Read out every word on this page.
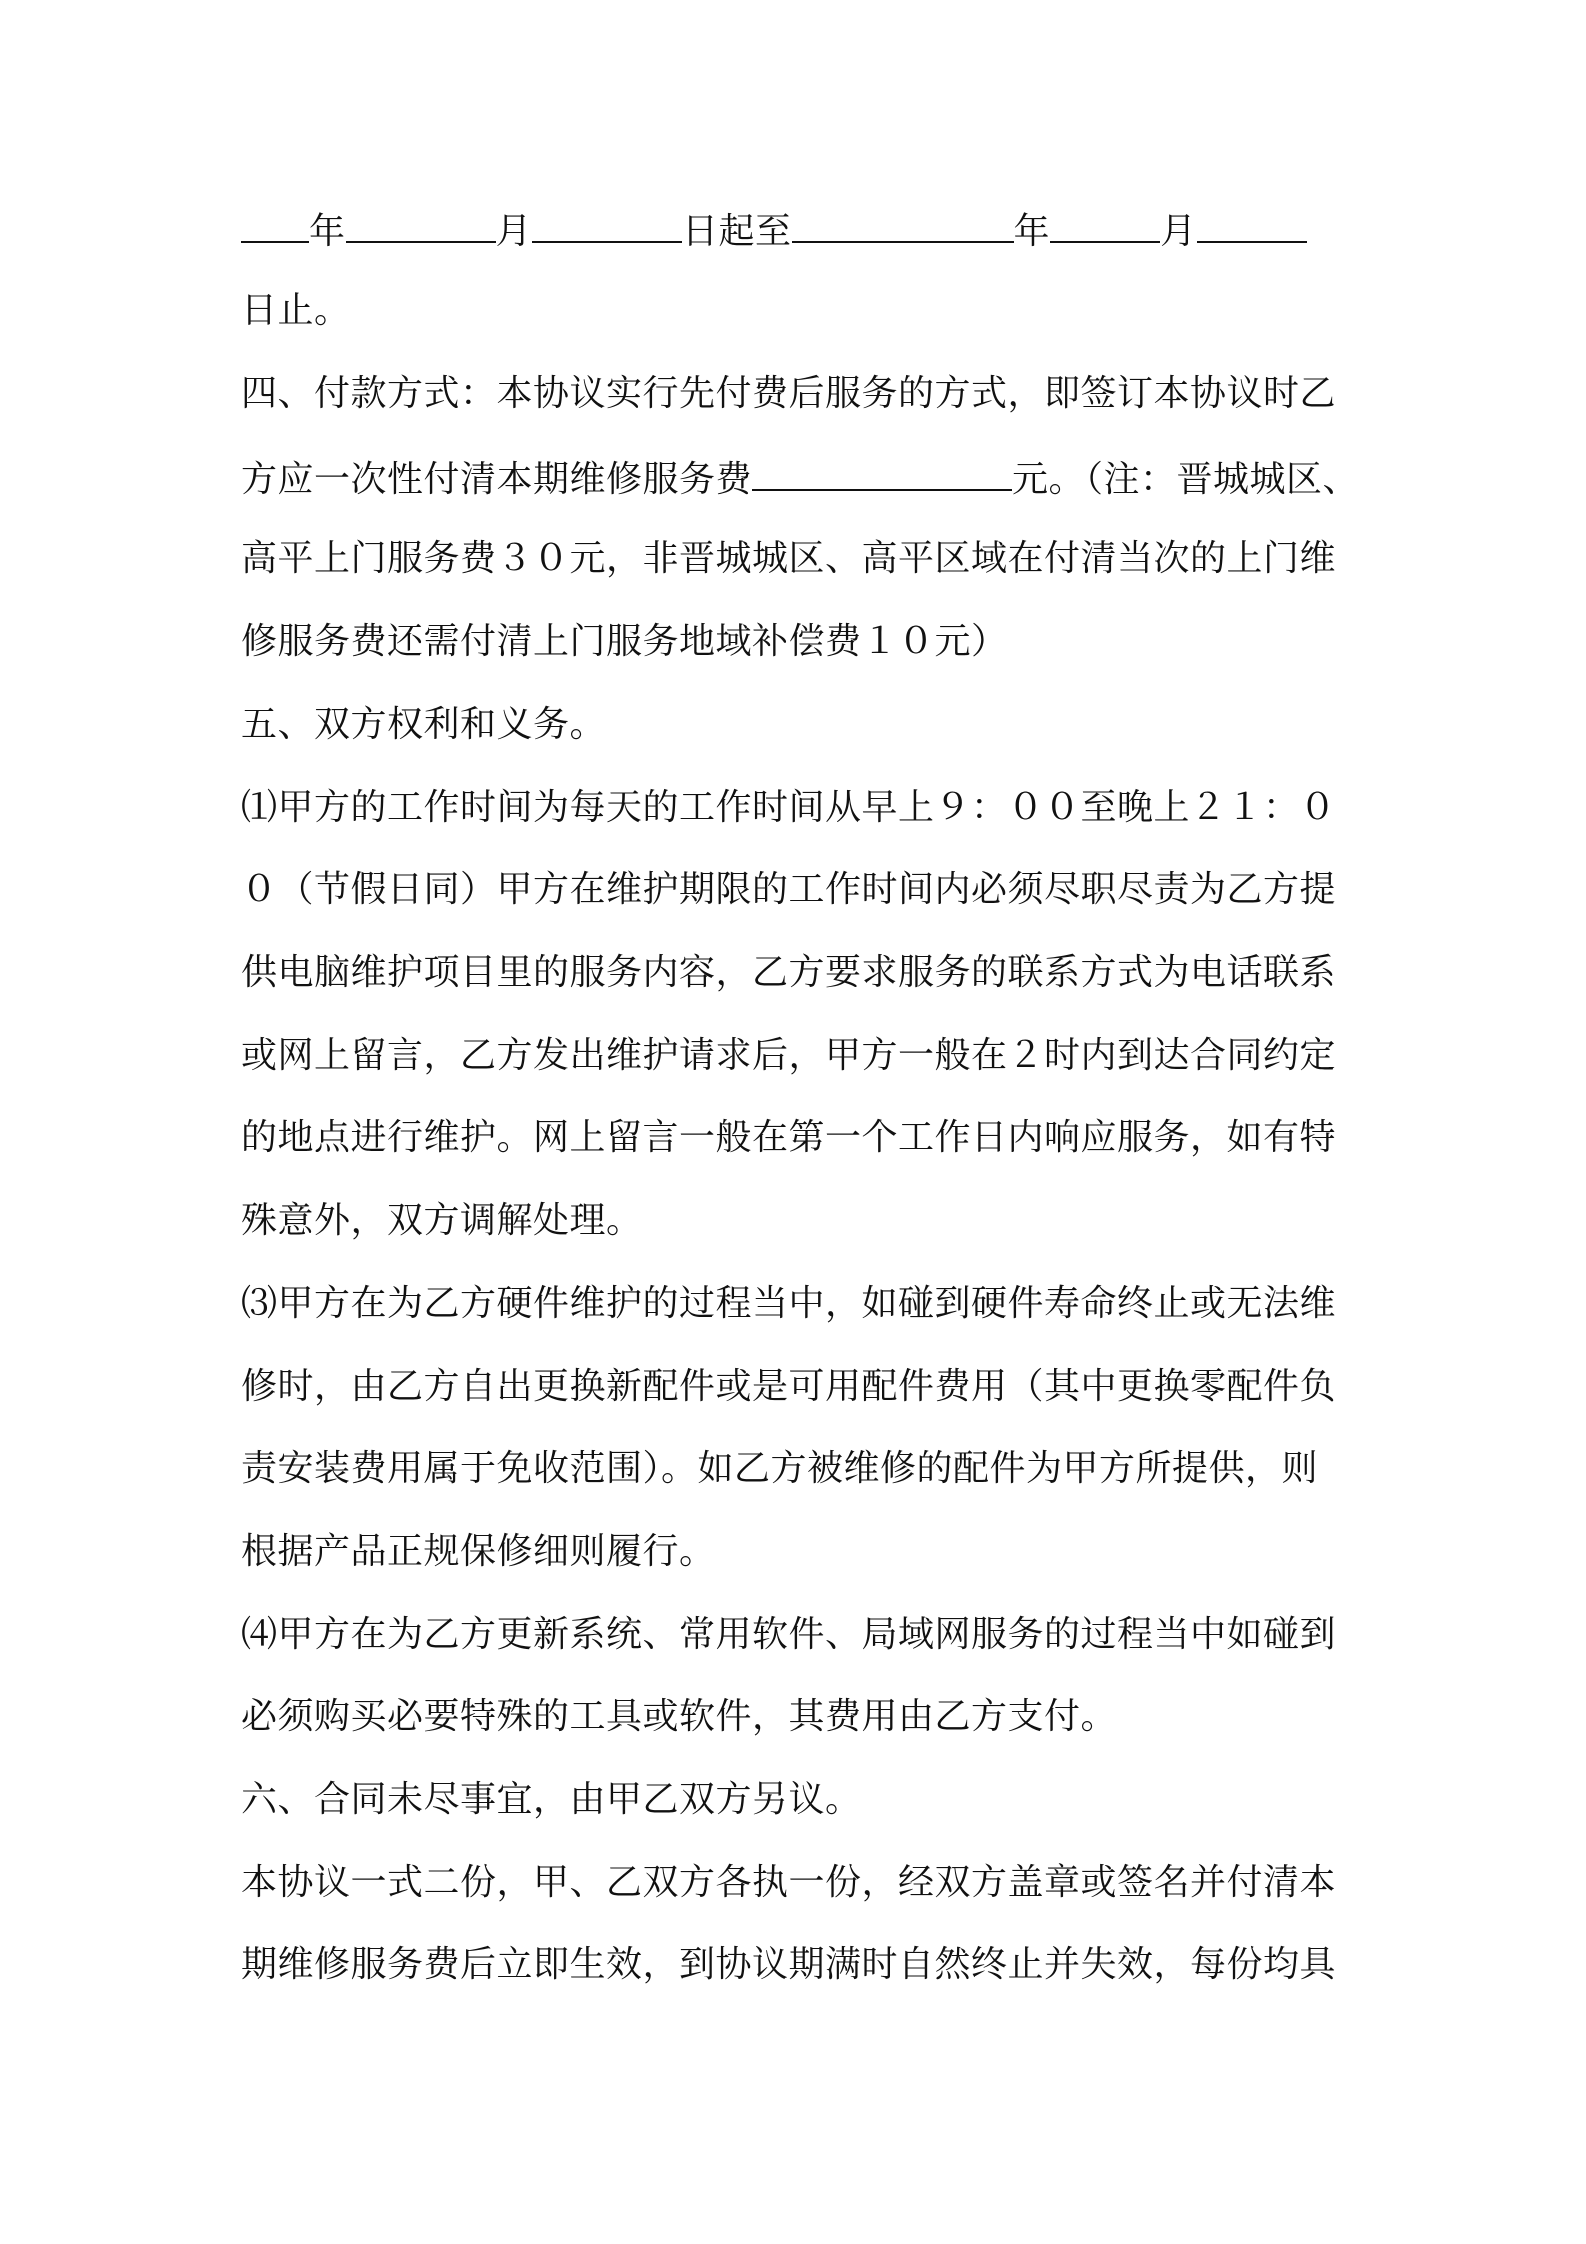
年	月	日起至	年	月
日止。
四、付款方式：本协议实行先付费后服务的方式，即签订本协议时乙
方应一次性付清本期维修服务费	元。（注：晋城城区、
高平上门服务费３０元，非晋城城区、高平区域在付清当次的上门维
修服务费还需付清上门服务地域补偿费１０元）
五、双方权利和义务。
⑴甲方的工作时间为每天的工作时间从早上９：００至晚上２１：０
０（节假日同）甲方在维护期限的工作时间内必须尽职尽责为乙方提
供电脑维护项目里的服务内容，乙方要求服务的联系方式为电话联系
或网上留言，乙方发出维护请求后，甲方一般在２时内到达合同约定
的地点进行维护。网上留言一般在第一个工作日内响应服务，如有特
殊意外，双方调解处理。
⑶甲方在为乙方硬件维护的过程当中，如碰到硬件寿命终止或无法维
修时，由乙方自出更换新配件或是可用配件费用（其中更换零配件负
责安装费用属于免收范围）。如乙方被维修的配件为甲方所提供，则
根据产品正规保修细则履行。
⑷甲方在为乙方更新系统、常用软件、局域网服务的过程当中如碰到
必须购买必要特殊的工具或软件，其费用由乙方支付。
六、合同未尽事宜，由甲乙双方另议。
本协议一式二份，甲、乙双方各执一份，经双方盖章或签名并付清本
期维修服务费后立即生效，到协议期满时自然终止并失效，每份均具
